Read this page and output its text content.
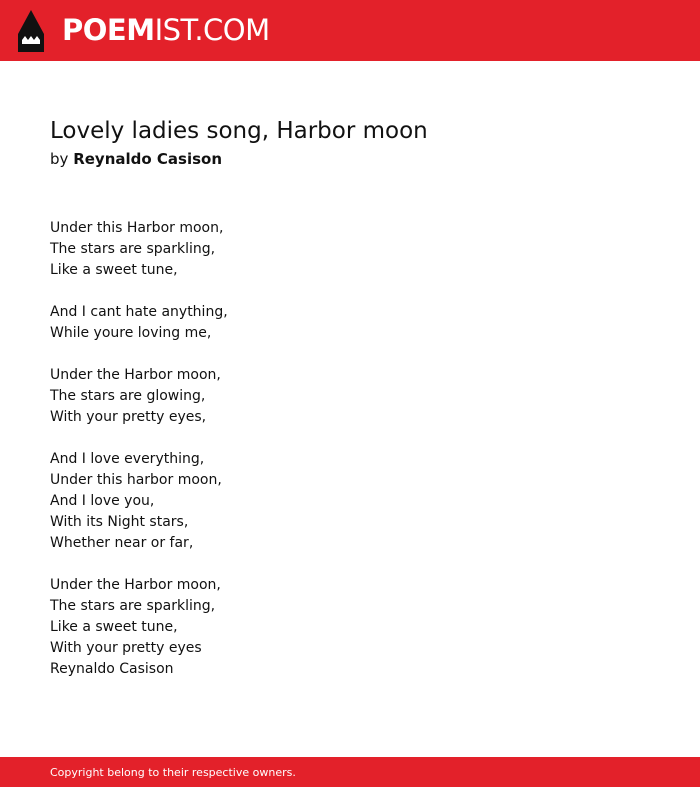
POEMIST.COM
Lovely ladies song, Harbor moon
by Reynaldo Casison
Under this Harbor moon,
The stars are sparkling,
Like a sweet tune,
And I cant hate anything,
While youre loving me,
Under the Harbor moon,
The stars are glowing,
With your pretty eyes,
And I love everything,
Under this harbor moon,
And I love you,
With its Night stars,
Whether near or far,
Under the Harbor moon,
The stars are sparkling,
Like a sweet tune,
With your pretty eyes
Reynaldo Casison
Copyright belong to their respective owners.
